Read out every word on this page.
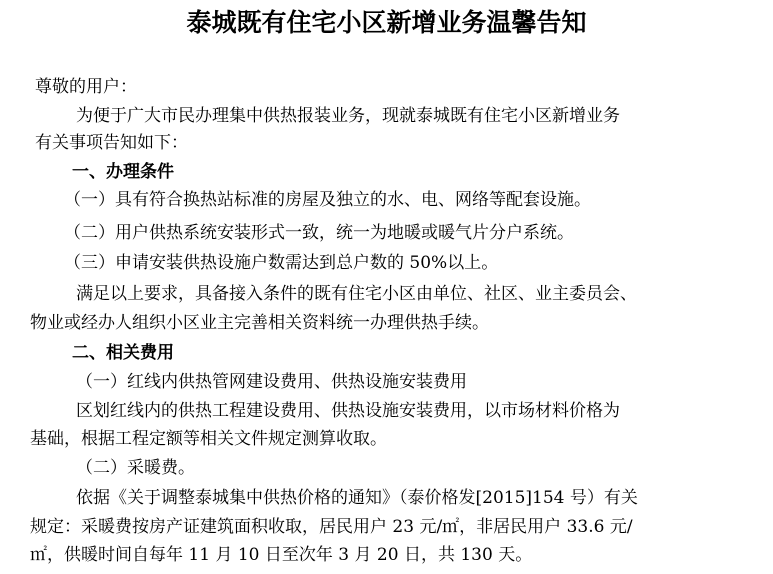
泰城既有住宅小区新增业务温馨告知
尊敬的用户：
为便于广大市民办理集中供热报装业务，现就泰城既有住宅小区新增业务
有关事项告知如下：
一、办理条件
（一）具有符合换热站标准的房屋及独立的水、电、网络等配套设施。
（二）用户供热系统安装形式一致，统一为地暖或暖气片分户系统。
（三）申请安装供热设施户数需达到总户数的 50%以上。
满足以上要求，具备接入条件的既有住宅小区由单位、社区、业主委员会、
物业或经办人组织小区业主完善相关资料统一办理供热手续。
二、相关费用
（一）红线内供热管网建设费用、供热设施安装费用
区划红线内的供热工程建设费用、供热设施安装费用，以市场材料价格为
基础，根据工程定额等相关文件规定测算收取。
（二）采暖费。
依据《关于调整泰城集中供热价格的通知》（泰价格发[2015]154 号）有关
规定：采暖费按房产证建筑面积收取，居民用户 23 元/㎡，非居民用户 33.6 元/
㎡，供暖时间自每年 11 月 10 日至次年 3 月 20 日，共 130 天。
